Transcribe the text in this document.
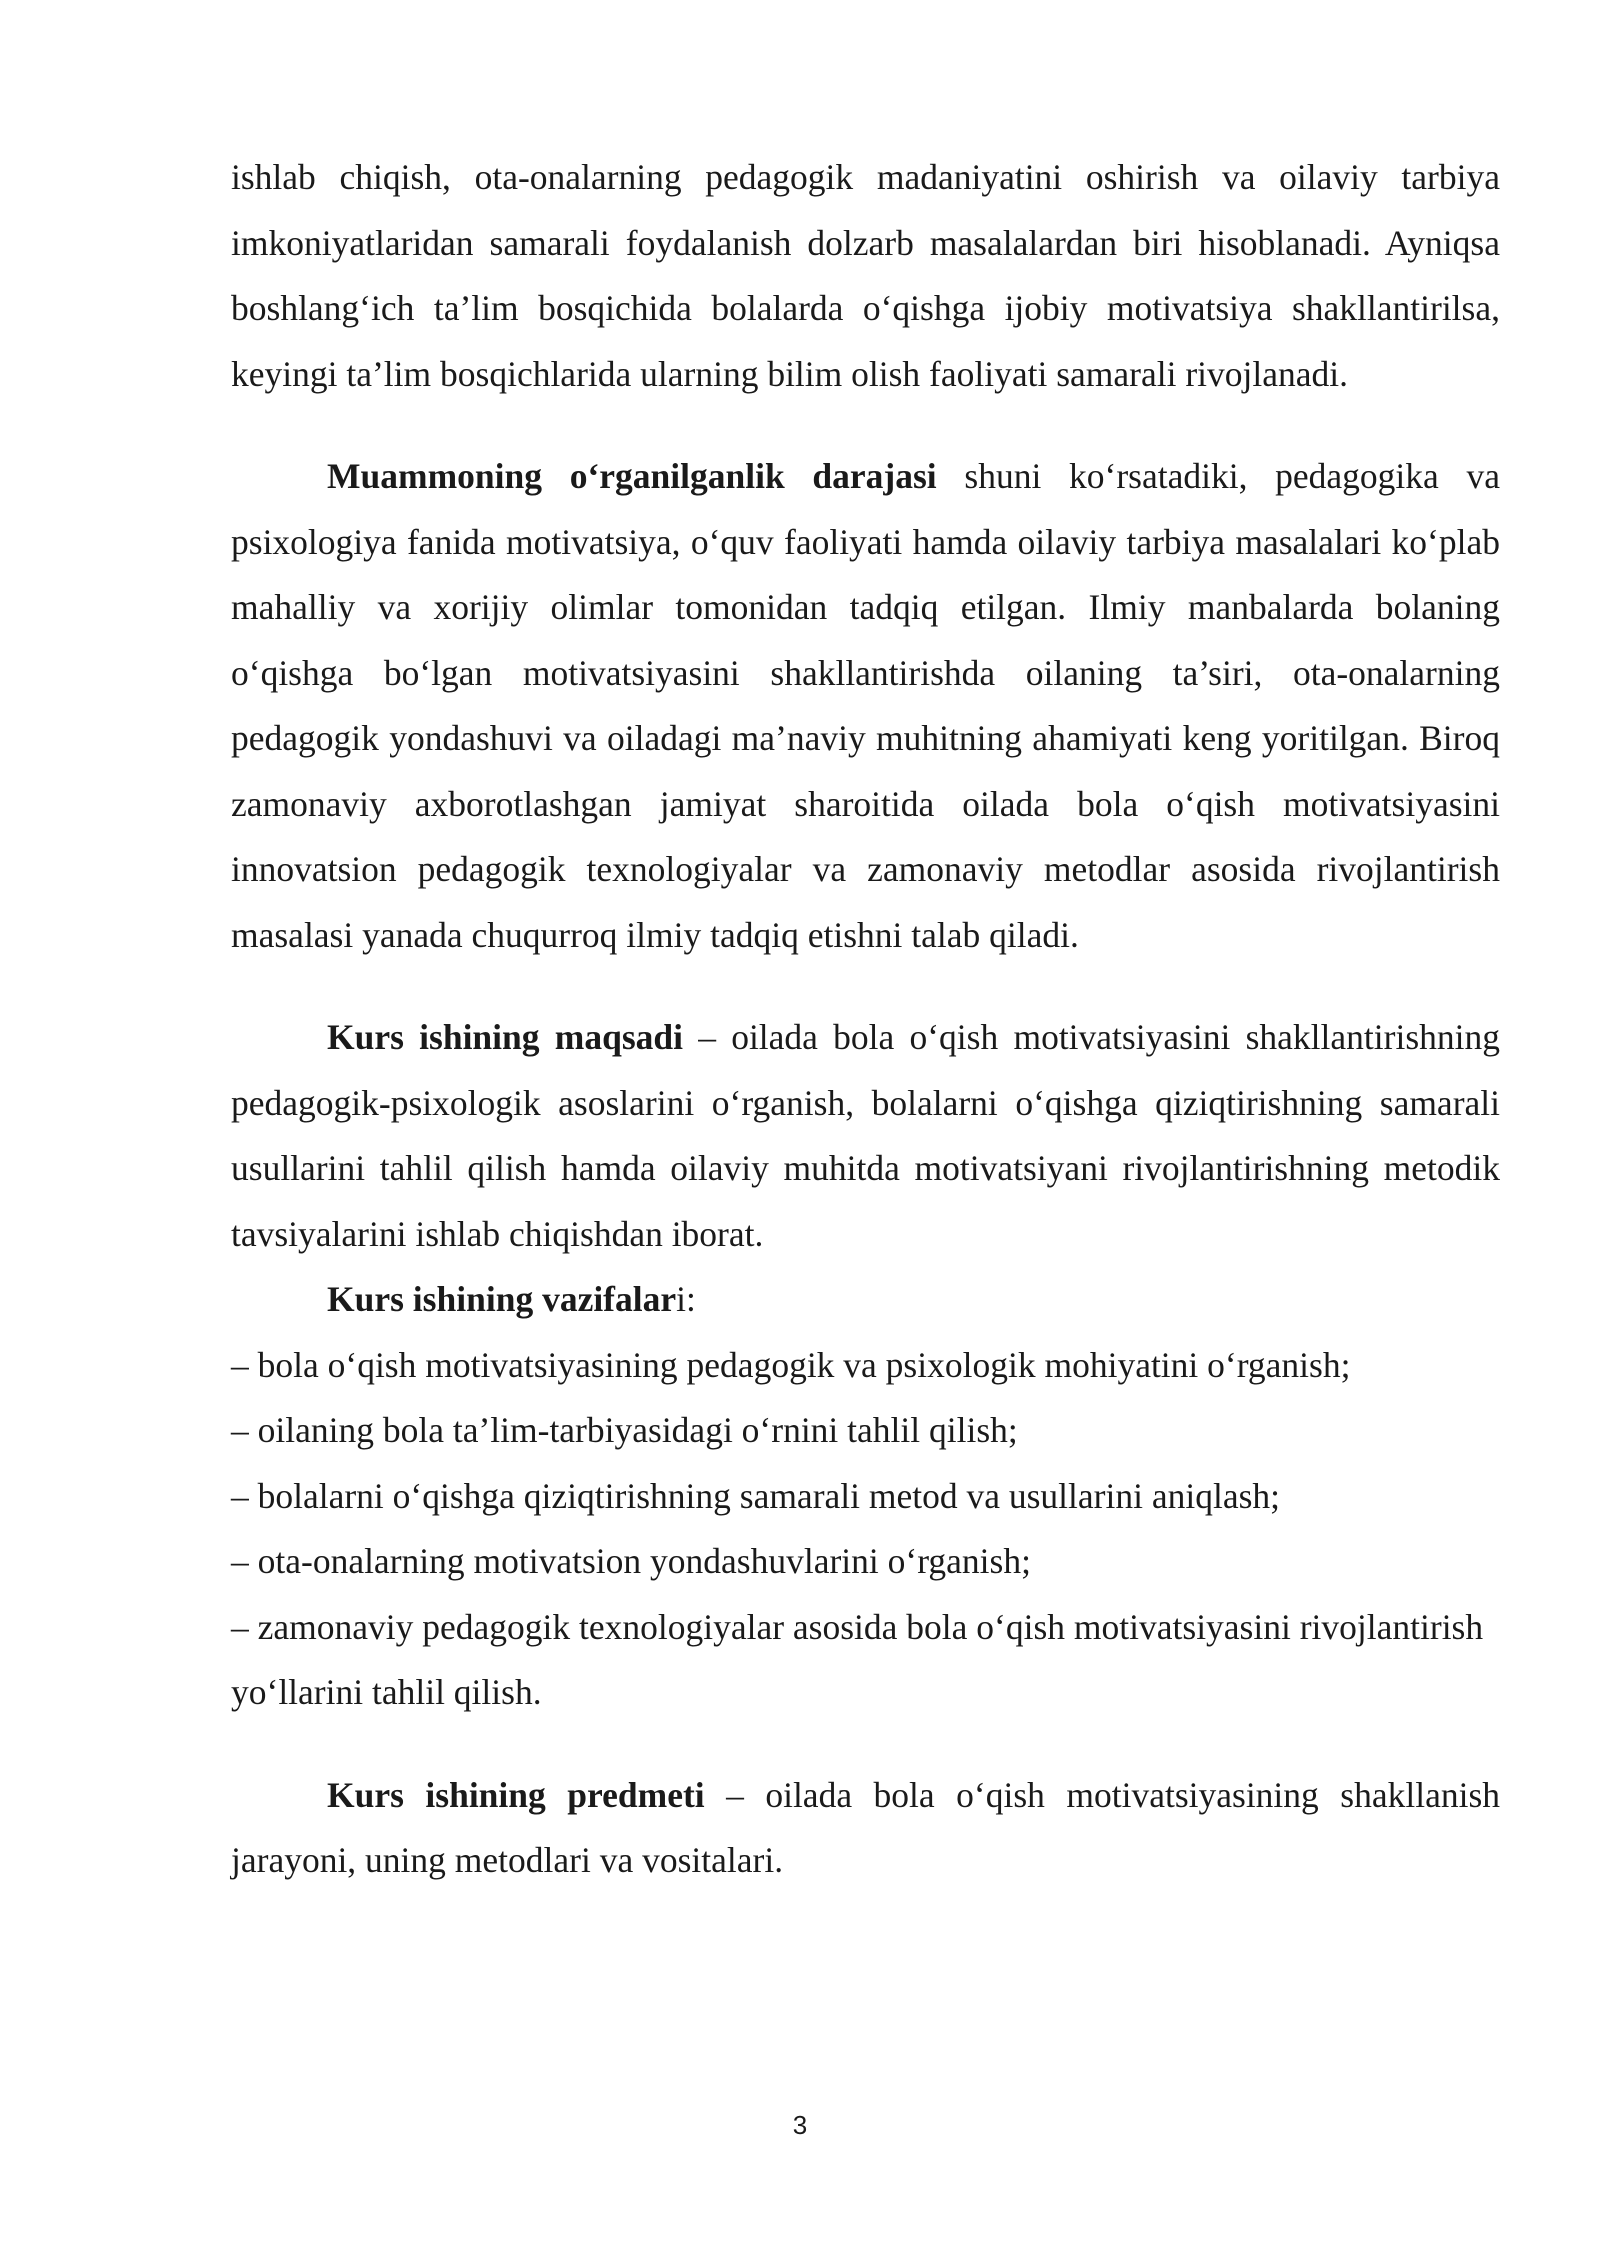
ishlab chiqish, ota-onalarning pedagogik madaniyatini oshirish va oilaviy tarbiya imkoniyatlaridan samarali foydalanish dolzarb masalalardan biri hisoblanadi. Ayniqsa boshlang‘ich ta’lim bosqichida bolalarda o‘qishga ijobiy motivatsiya shakllantirilsa, keyingi ta’lim bosqichlarida ularning bilim olish faoliyati samarali rivojlanadi.

Muammoning o‘rganilganlik darajasi shuni ko‘rsatadiki, pedagogika va psixologiya fanida motivatsiya, o‘quv faoliyati hamda oilaviy tarbiya masalalari ko‘plab mahalliy va xorijiy olimlar tomonidan tadqiq etilgan. Ilmiy manbalarda bolaning o‘qishga bo‘lgan motivatsiyasini shakllantirishda oilaning ta’siri, ota-onalarning pedagogik yondashuvi va oiladagi ma’naviy muhitning ahamiyati keng yoritilgan. Biroq zamonaviy axborotlashgan jamiyat sharoitida oilada bola o‘qish motivatsiyasini innovatsion pedagogik texnologiyalar va zamonaviy metodlar asosida rivojlantirish masalasi yanada chuqurroq ilmiy tadqiq etishni talab qiladi.

Kurs ishining maqsadi – oilada bola o‘qish motivatsiyasini shakllantirishning pedagogik-psixologik asoslarini o‘rganish, bolalarni o‘qishga qiziqtirishning samarali usullarini tahlil qilish hamda oilaviy muhitda motivatsiyani rivojlantirishning metodik tavsiyalarini ishlab chiqishdan iborat.

Kurs ishining vazifalari:

– bola o‘qish motivatsiyasining pedagogik va psixologik mohiyatini o‘rganish;

– oilaning bola ta’lim-tarbiyasidagi o‘rnini tahlil qilish;

– bolalarni o‘qishga qiziqtirishning samarali metod va usullarini aniqlash;

– ota-onalarning motivatsion yondashuvlarini o‘rganish;

– zamonaviy pedagogik texnologiyalar asosida bola o‘qish motivatsiyasini rivojlantirish yo‘llarini tahlil qilish.

Kurs ishining predmeti – oilada bola o‘qish motivatsiyasining shakllanish jarayoni, uning metodlari va vositalari.

3
